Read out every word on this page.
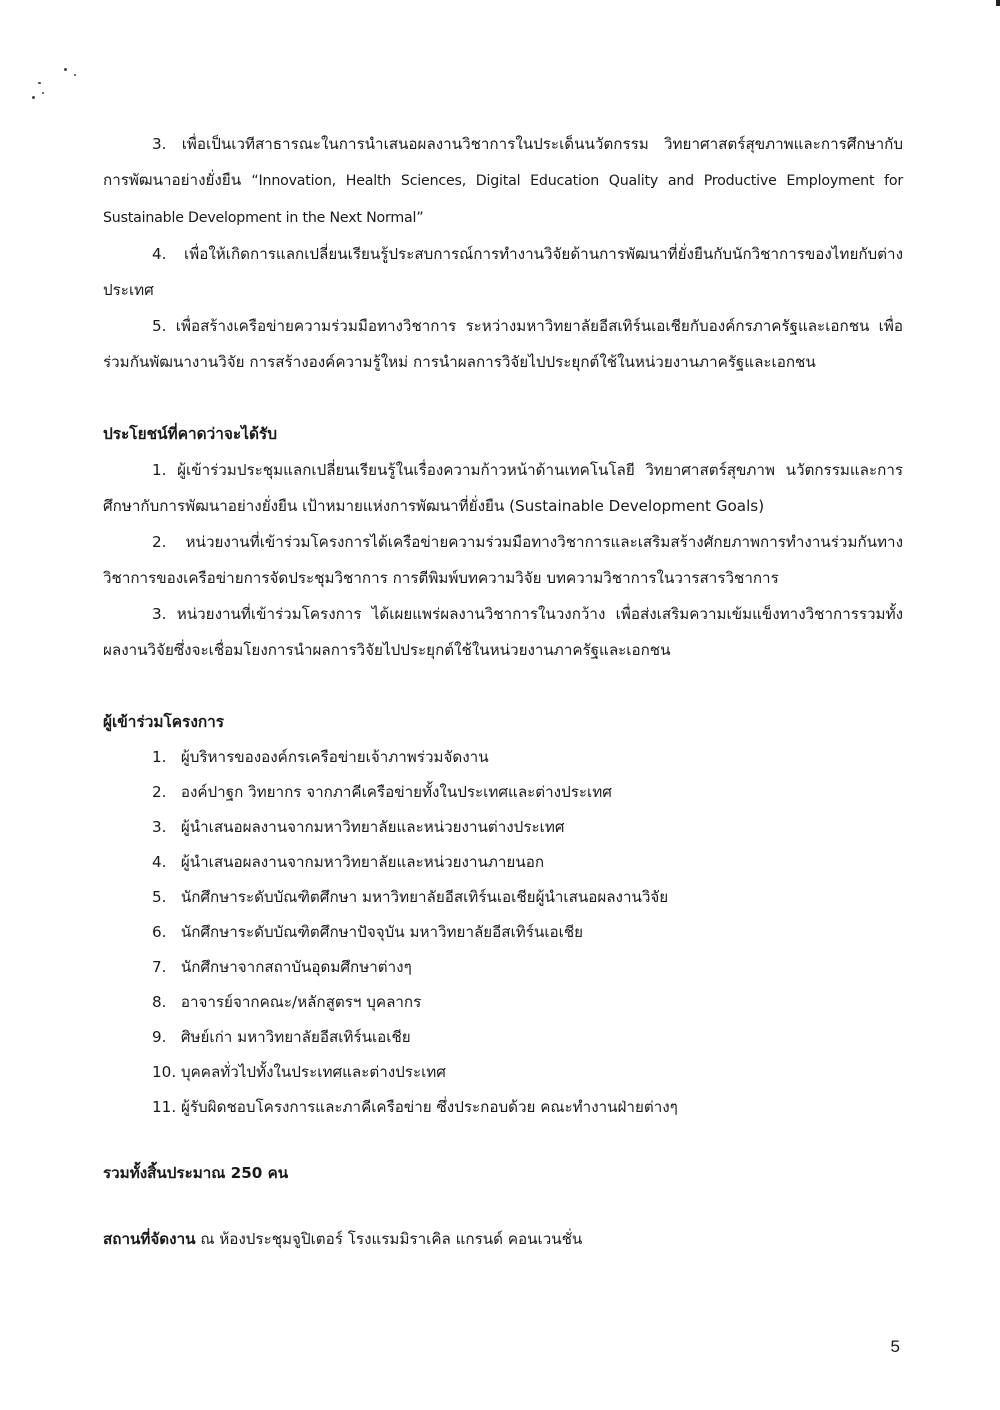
3. เพื่อเป็นเวทีสาธารณะในการนำเสนอผลงานวิชาการในประเด็นนวัตกรรม วิทยาศาสตร์สุขภาพและการศึกษากับการพัฒนาอย่างยั่งยืน “Innovation, Health Sciences, Digital Education Quality and Productive Employment for Sustainable Development in the Next Normal”

4. เพื่อให้เกิดการแลกเปลี่ยนเรียนรู้ประสบการณ์การทำงานวิจัยด้านการพัฒนาที่ยั่งยืนกับนักวิชาการของไทยกับต่างประเทศ

5. เพื่อสร้างเครือข่ายความร่วมมือทางวิชาการ ระหว่างมหาวิทยาลัยอีสเทิร์นเอเชียกับองค์กรภาครัฐและเอกชน เพื่อร่วมกันพัฒนางานวิจัย การสร้างองค์ความรู้ใหม่ การนำผลการวิจัยไปประยุกต์ใช้ในหน่วยงานภาครัฐและเอกชน

ประโยชน์ที่คาดว่าจะได้รับ

1. ผู้เข้าร่วมประชุมแลกเปลี่ยนเรียนรู้ในเรื่องความก้าวหน้าด้านเทคโนโลยี วิทยาศาสตร์สุขภาพ นวัตกรรมและการศึกษากับการพัฒนาอย่างยั่งยืน เป้าหมายแห่งการพัฒนาที่ยั่งยืน (Sustainable Development Goals)

2. หน่วยงานที่เข้าร่วมโครงการได้เครือข่ายความร่วมมือทางวิชาการและเสริมสร้างศักยภาพการทำงานร่วมกันทางวิชาการของเครือข่ายการจัดประชุมวิชาการ การตีพิมพ์บทความวิจัย บทความวิชาการในวารสารวิชาการ

3. หน่วยงานที่เข้าร่วมโครงการ ได้เผยแพร่ผลงานวิชาการในวงกว้าง เพื่อส่งเสริมความเข้มแข็งทางวิชาการรวมทั้งผลงานวิจัยซึ่งจะเชื่อมโยงการนำผลการวิจัยไปประยุกต์ใช้ในหน่วยงานภาครัฐและเอกชน

ผู้เข้าร่วมโครงการ

1. ผู้บริหารขององค์กรเครือข่ายเจ้าภาพร่วมจัดงาน
2. องค์ปาฐก วิทยากร จากภาคีเครือข่ายทั้งในประเทศและต่างประเทศ
3. ผู้นำเสนอผลงานจากมหาวิทยาลัยและหน่วยงานต่างประเทศ
4. ผู้นำเสนอผลงานจากมหาวิทยาลัยและหน่วยงานภายนอก
5. นักศึกษาระดับบัณฑิตศึกษา มหาวิทยาลัยอีสเทิร์นเอเชียผู้นำเสนอผลงานวิจัย
6. นักศึกษาระดับบัณฑิตศึกษาปัจจุบัน มหาวิทยาลัยอีสเทิร์นเอเชีย
7. นักศึกษาจากสถาบันอุดมศึกษาต่างๆ
8. อาจารย์จากคณะ/หลักสูตรฯ บุคลากร
9. ศิษย์เก่า มหาวิทยาลัยอีสเทิร์นเอเชีย
10. บุคคลทั่วไปทั้งในประเทศและต่างประเทศ
11. ผู้รับผิดชอบโครงการและภาคีเครือข่าย ซึ่งประกอบด้วย คณะทำงานฝ่ายต่างๆ

รวมทั้งสิ้นประมาณ 250 คน

สถานที่จัดงาน ณ ห้องประชุมจูปิเตอร์ โรงแรมมิราเคิล แกรนด์ คอนเวนชั่น

5
